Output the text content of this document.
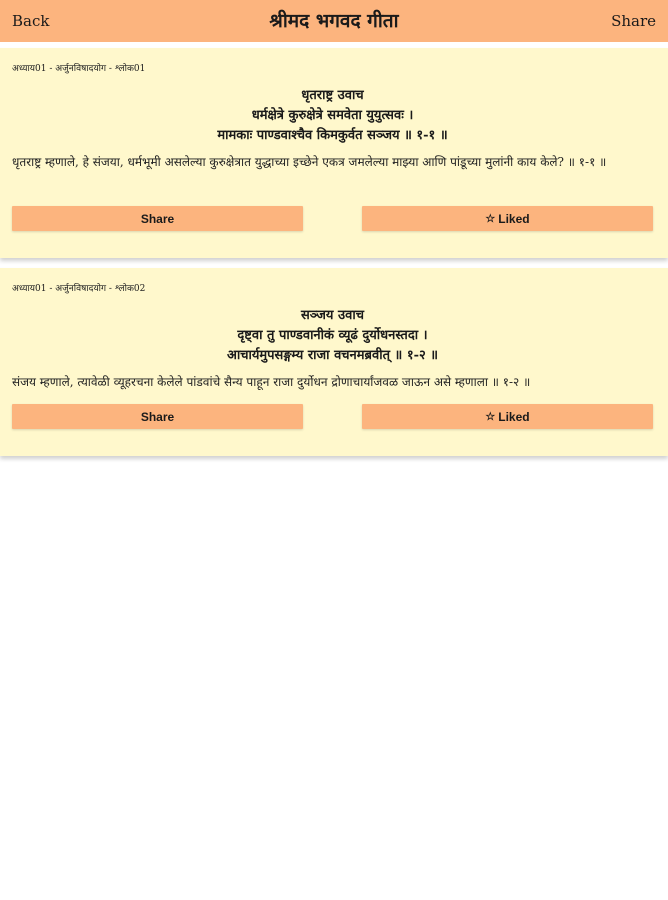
Back	श्रीमद भगवद गीता	Share
अध्याय01 - अर्जुनविषादयोग - श्लोक01
धृतराष्ट्र उवाच
धर्मक्षेत्रे कुरुक्षेत्रे समवेता युयुत्सवः ।
मामकाः पाण्डवाश्चैव किमकुर्वत सञ्जय ॥ १-१ ॥
धृतराष्ट्र म्हणाले, हे संजया, धर्मभूमी असलेल्या कुरुक्षेत्रात युद्धाच्या इच्छेने एकत्र जमलेल्या माझ्या आणि पांडूच्या मुलांनी काय केले? ॥ १-१ ॥
Share	☆ Liked
अध्याय01 - अर्जुनविषादयोग - श्लोक02
सञ्जय उवाच
दृष्ट्वा तु पाण्डवानीकं व्यूढं दुर्योधनस्तदा ।
आचार्यमुपसङ्गम्य राजा वचनमब्रवीत् ॥ १-२ ॥
संजय म्हणाले, त्यावेळी व्यूहरचना केलेले पांडवांचे सैन्य पाहून राजा दुर्योधन द्रोणाचार्यांजवळ जाऊन असे म्हणाला ॥ १-२ ॥
Share	☆ Liked
